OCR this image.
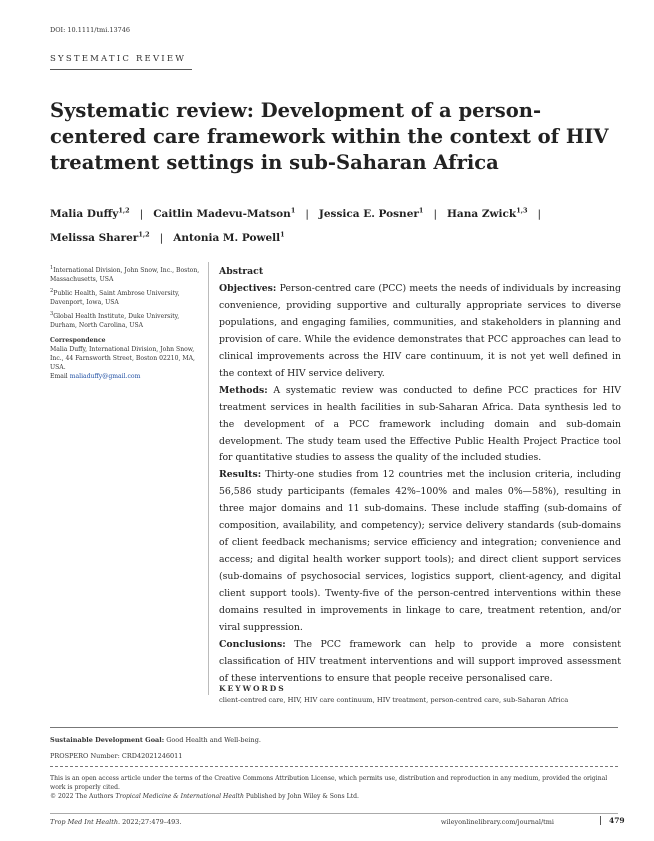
DOI: 10.1111/tmi.13746
SYSTEMATIC REVIEW
Systematic review: Development of a person-centered care framework within the context of HIV treatment settings in sub-Saharan Africa
Malia Duffy$^{1,2}$ | Caitlin Madevu-Matson$^1$ | Jessica E. Posner$^1$ | Hana Zwick$^{1,3}$ |
Melissa Sharer$^{1,2}$ | Antonia M. Powell$^1$
$^1$International Division, John Snow, Inc., Boston, Massachusetts, USA
$^2$Public Health, Saint Ambrose University, Davenport, Iowa, USA
$^3$Global Health Institute, Duke University, Durham, North Carolina, USA
Correspondence
Malia Duffy, International Division, John Snow, Inc., 44 Farnsworth Street, Boston 02210, MA, USA.
Email maliaduffy@gmail.com
Abstract

Objectives: Person-centred care (PCC) meets the needs of individuals by increasing convenience, providing supportive and culturally appropriate services to diverse populations, and engaging families, communities, and stakeholders in planning and provision of care. While the evidence demonstrates that PCC approaches can lead to clinical improvements across the HIV care continuum, it is not yet well defined in the context of HIV service delivery.

Methods: A systematic review was conducted to define PCC practices for HIV treatment services in health facilities in sub-Saharan Africa. Data synthesis led to the development of a PCC framework including domain and sub-domain development. The study team used the Effective Public Health Project Practice tool for quantitative studies to assess the quality of the included studies.

Results: Thirty-one studies from 12 countries met the inclusion criteria, including 56,586 study participants (females 42%–100% and males 0%—58%), resulting in three major domains and 11 sub-domains. These include staffing (sub-domains of composition, availability, and competency); service delivery standards (sub-domains of client feedback mechanisms; service efficiency and integration; convenience and access; and digital health worker support tools); and direct client support services (sub-domains of psychosocial services, logistics support, client-agency, and digital client support tools). Twenty-five of the person-centred interventions within these domains resulted in improvements in linkage to care, treatment retention, and/or viral suppression.

Conclusions: The PCC framework can help to provide a more consistent classification of HIV treatment interventions and will support improved assessment of these interventions to ensure that people receive personalised care.

KEYWORDS
client-centred care, HIV, HIV care continuum, HIV treatment, person-centred care, sub-Saharan Africa
Sustainable Development Goal: Good Health and Well-being.
PROSPERO Number: CRD42021246011
This is an open access article under the terms of the Creative Commons Attribution License, which permits use, distribution and reproduction in any medium, provided the original work is properly cited.
© 2022 The Authors Tropical Medicine & International Health Published by John Wiley & Sons Ltd.
Trop Med Int Health. 2022;27:479–493.	wileyonlinelibrary.com/journal/tmi	479
